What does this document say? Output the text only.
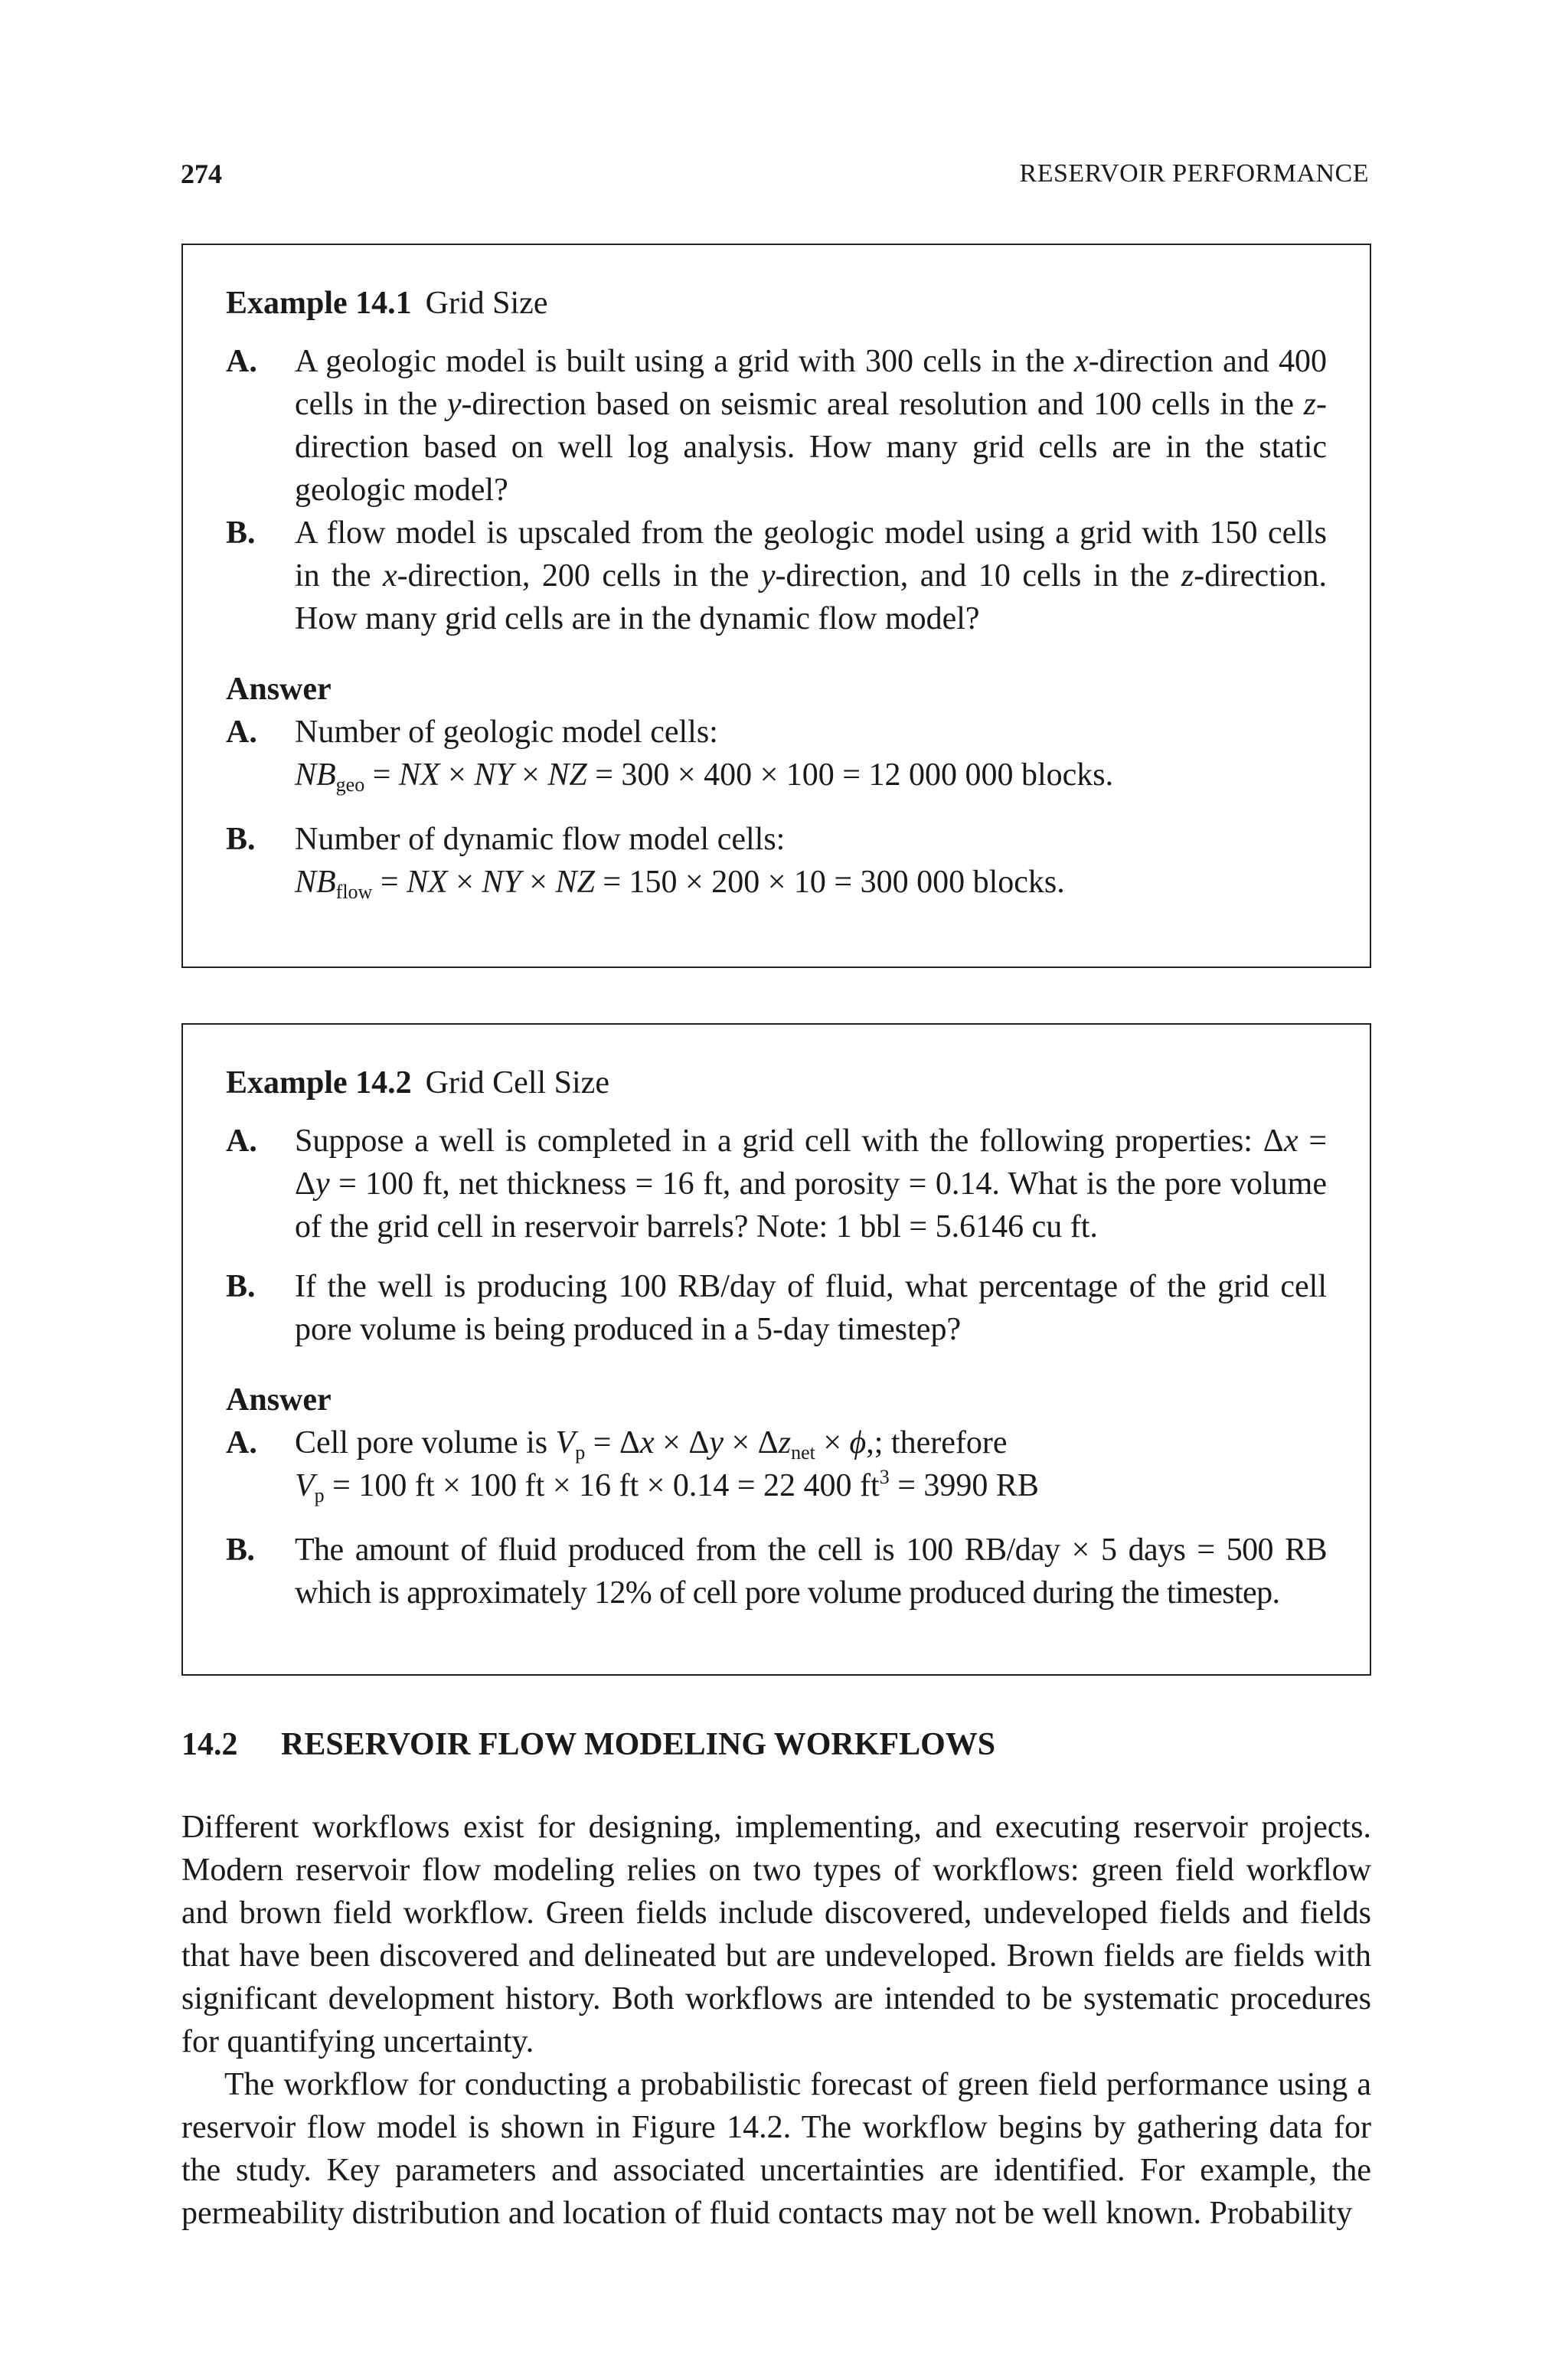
274	RESERVOIR PERFORMANCE
Example 14.1 Grid Size
A. A geologic model is built using a grid with 300 cells in the x-direction and 400 cells in the y-direction based on seismic areal resolution and 100 cells in the z-direction based on well log analysis. How many grid cells are in the static geologic model?
B. A flow model is upscaled from the geologic model using a grid with 150 cells in the x-direction, 200 cells in the y-direction, and 10 cells in the z-direction. How many grid cells are in the dynamic flow model?
Answer
A. Number of geologic model cells:
$NB_{geo}$ = NX × NY × NZ = 300 × 400 × 100 = 12 000 000 blocks.
B. Number of dynamic flow model cells:
$NB_{flow}$ = NX × NY × NZ = 150 × 200 × 10 = 300 000 blocks.
Example 14.2 Grid Cell Size
A. Suppose a well is completed in a grid cell with the following properties: Δx = Δy = 100 ft, net thickness = 16 ft, and porosity = 0.14. What is the pore volume of the grid cell in reservoir barrels? Note: 1 bbl = 5.6146 cu ft.
B. If the well is producing 100 RB/day of fluid, what percentage of the grid cell pore volume is being produced in a 5-day timestep?
Answer
A. Cell pore volume is $V_p = \Delta x \times \Delta y \times \Delta z_{net} \times \phi$,; therefore
$V_p = 100$ ft × 100 ft × 16 ft × 0.14 = 22 400 $ft^3 = 3990$ RB
B. The amount of fluid produced from the cell is 100 RB/day × 5 days = 500 RB which is approximately 12% of cell pore volume produced during the timestep.
14.2 RESERVOIR FLOW MODELING WORKFLOWS

Different workflows exist for designing, implementing, and executing reservoir projects. Modern reservoir flow modeling relies on two types of workflows: green field workflow and brown field workflow. Green fields include discovered, undeveloped fields and fields that have been discovered and delineated but are undeveloped. Brown fields are fields with significant development history. Both workflows are intended to be systematic procedures for quantifying uncertainty.

The workflow for conducting a probabilistic forecast of green field performance using a reservoir flow model is shown in Figure 14.2. The workflow begins by gathering data for the study. Key parameters and associated uncertainties are identified. For example, the permeability distribution and location of fluid contacts may not be well known. Probability
